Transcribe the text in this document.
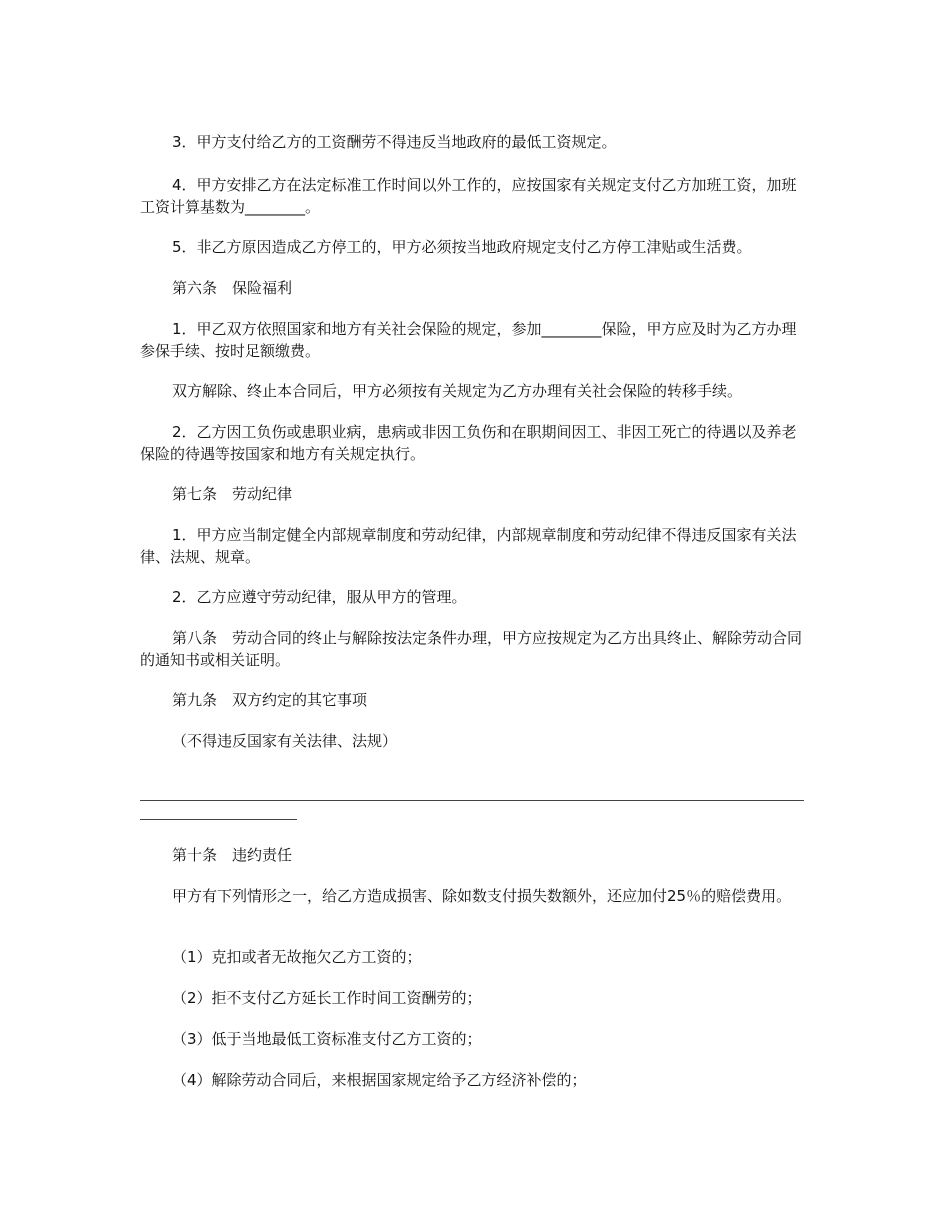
3．甲方支付给乙方的工资酬劳不得违反当地政府的最低工资规定。

4．甲方安排乙方在法定标准工作时间以外工作的，应按国家有关规定支付乙方加班工资，加班工资计算基数为________。

5．非乙方原因造成乙方停工的，甲方必须按当地政府规定支付乙方停工津贴或生活费。

第六条　保险福利

1．甲乙双方依照国家和地方有关社会保险的规定，参加________保险，甲方应及时为乙方办理参保手续、按时足额缴费。

双方解除、终止本合同后，甲方必须按有关规定为乙方办理有关社会保险的转移手续。

2．乙方因工负伤或患职业病，患病或非因工负伤和在职期间因工、非因工死亡的待遇以及养老保险的待遇等按国家和地方有关规定执行。

第七条　劳动纪律

1．甲方应当制定健全内部规章制度和劳动纪律，内部规章制度和劳动纪律不得违反国家有关法律、法规、规章。

2．乙方应遵守劳动纪律，服从甲方的管理。

第八条　劳动合同的终止与解除按法定条件办理，甲方应按规定为乙方出具终止、解除劳动合同的通知书或相关证明。

第九条　双方约定的其它事项

（不得违反国家有关法律、法规）

第十条　违约责任

甲方有下列情形之一，给乙方造成损害、除如数支付损失数额外，还应加付25％的赔偿费用。

（1）克扣或者无故拖欠乙方工资的；

（2）拒不支付乙方延长工作时间工资酬劳的；

（3）低于当地最低工资标准支付乙方工资的；

（4）解除劳动合同后，来根据国家规定给予乙方经济补偿的；
